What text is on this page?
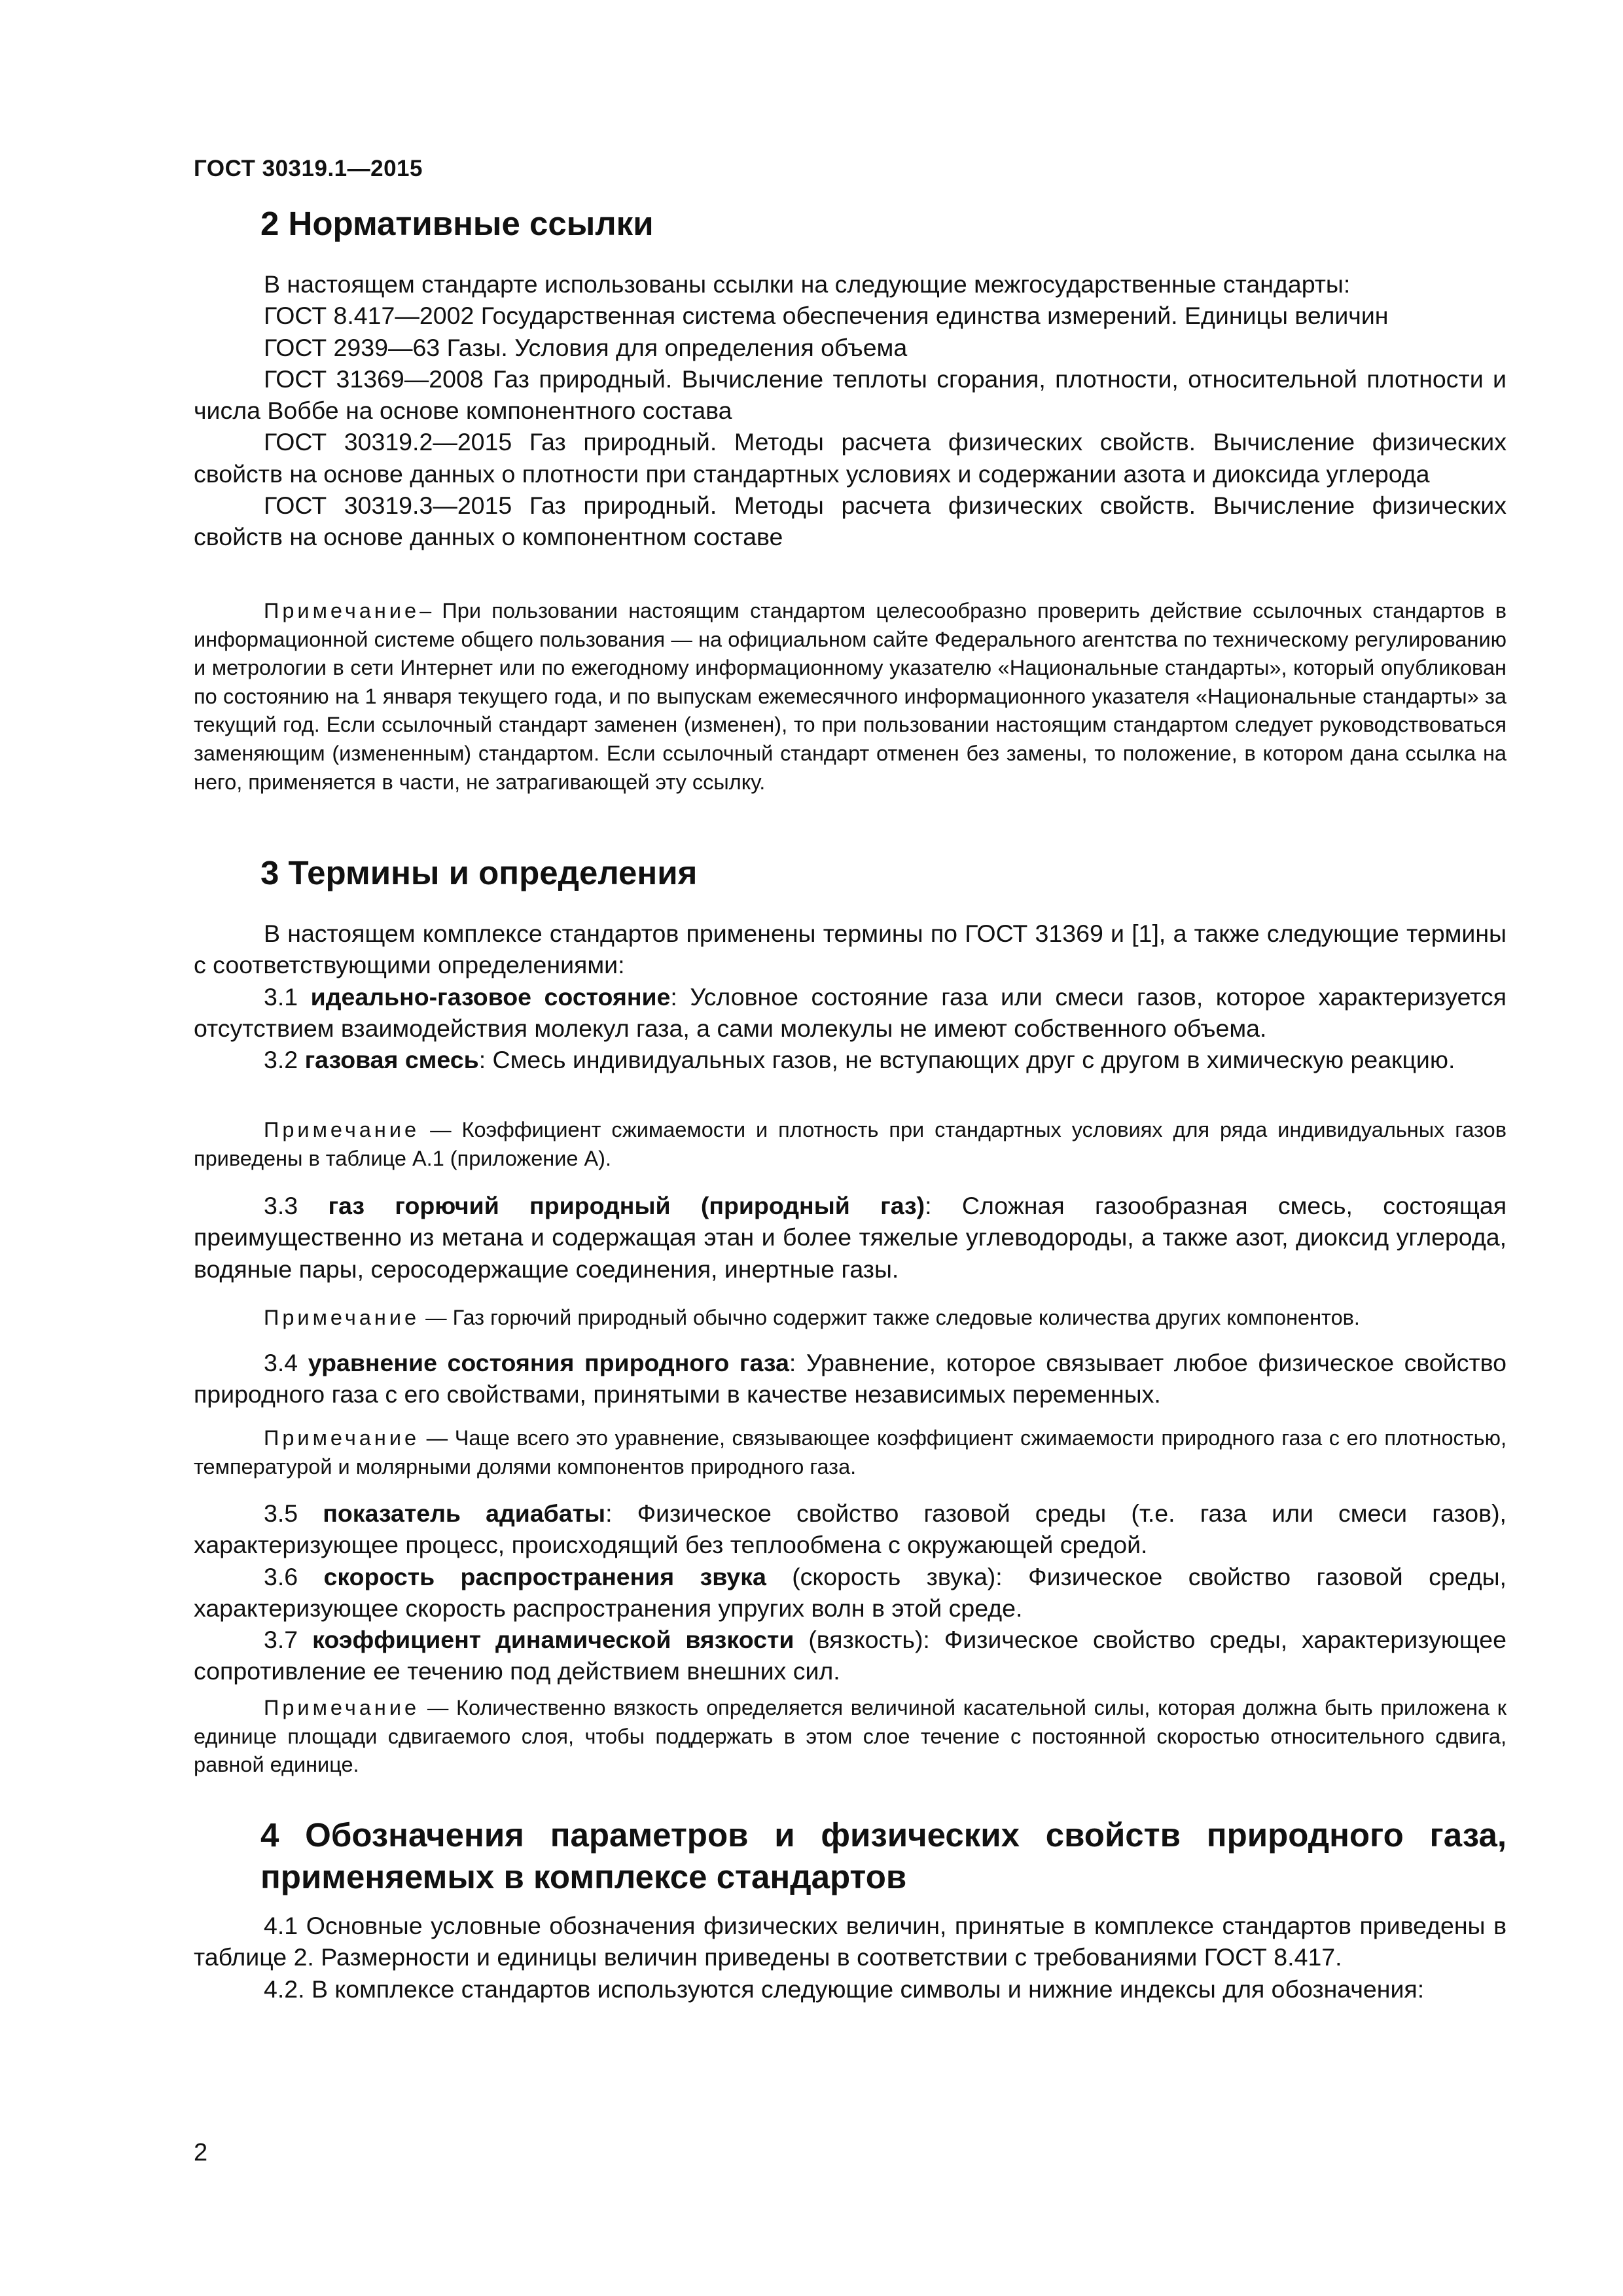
ГОСТ 30319.1—2015
2 Нормативные ссылки

В настоящем стандарте использованы ссылки на следующие межгосударственные стандарты:

ГОСТ 8.417—2002 Государственная система обеспечения единства измерений. Единицы величин

ГОСТ 2939—63 Газы. Условия для определения объема

ГОСТ 31369—2008 Газ природный. Вычисление теплоты сгорания, плотности, относительной плотности и числа Воббе на основе компонентного состава

ГОСТ 30319.2—2015 Газ природный. Методы расчета физических свойств. Вычисление физических свойств на основе данных о плотности при стандартных условиях и содержании азота и диоксида углерода

ГОСТ 30319.3—2015 Газ природный. Методы расчета физических свойств. Вычисление физических свойств на основе данных о компонентном составе

Примечание– При пользовании настоящим стандартом целесообразно проверить действие ссылочных стандартов в информационной системе общего пользования — на официальном сайте Федерального агентства по техническому регулированию и метрологии в сети Интернет или по ежегодному информационному указателю «Национальные стандарты», который опубликован по состоянию на 1 января текущего года, и по выпускам ежемесячного информационного указателя «Национальные стандарты» за текущий год. Если ссылочный стандарт заменен (изменен), то при пользовании настоящим стандартом следует руководствоваться заменяющим (измененным) стандартом. Если ссылочный стандарт отменен без замены, то положение, в котором дана ссылка на него, применяется в части, не затрагивающей эту ссылку.

3 Термины и определения

В настоящем комплексе стандартов применены термины по ГОСТ 31369 и [1], а также следующие термины с соответствующими определениями:

3.1 идеально-газовое состояние: Условное состояние газа или смеси газов, которое характеризуется отсутствием взаимодействия молекул газа, а сами молекулы не имеют собственного объема.

3.2 газовая смесь: Смесь индивидуальных газов, не вступающих друг с другом в химическую реакцию.

Примечание — Коэффициент сжимаемости и плотность при стандартных условиях для ряда индивидуальных газов приведены в таблице А.1 (приложение А).

3.3 газ горючий природный (природный газ): Сложная газообразная смесь, состоящая преимущественно из метана и содержащая этан и более тяжелые углеводороды, а также азот, диоксид углерода, водяные пары, серосодержащие соединения, инертные газы.

Примечание — Газ горючий природный обычно содержит также следовые количества других компонентов.

3.4 уравнение состояния природного газа: Уравнение, которое связывает любое физическое свойство природного газа с его свойствами, принятыми в качестве независимых переменных.

Примечание — Чаще всего это уравнение, связывающее коэффициент сжимаемости природного газа с его плотностью, температурой и молярными долями компонентов природного газа.

3.5 показатель адиабаты: Физическое свойство газовой среды (т.е. газа или смеси газов), характеризующее процесс, происходящий без теплообмена с окружающей средой.

3.6 скорость распространения звука (скорость звука): Физическое свойство газовой среды, характеризующее скорость распространения упругих волн в этой среде.

3.7 коэффициент динамической вязкости (вязкость): Физическое свойство среды, характеризующее сопротивление ее течению под действием внешних сил.

Примечание — Количественно вязкость определяется величиной касательной силы, которая должна быть приложена к единице площади сдвигаемого слоя, чтобы поддержать в этом слое течение с постоянной скоростью относительного сдвига, равной единице.

4 Обозначения параметров и физических свойств природного газа, применяемых в комплексе стандартов

4.1 Основные условные обозначения физических величин, принятые в комплексе стандартов приведены в таблице 2. Размерности и единицы величин приведены в соответствии с требованиями ГОСТ 8.417.

4.2. В комплексе стандартов используются следующие символы и нижние индексы для обозначения:

2
